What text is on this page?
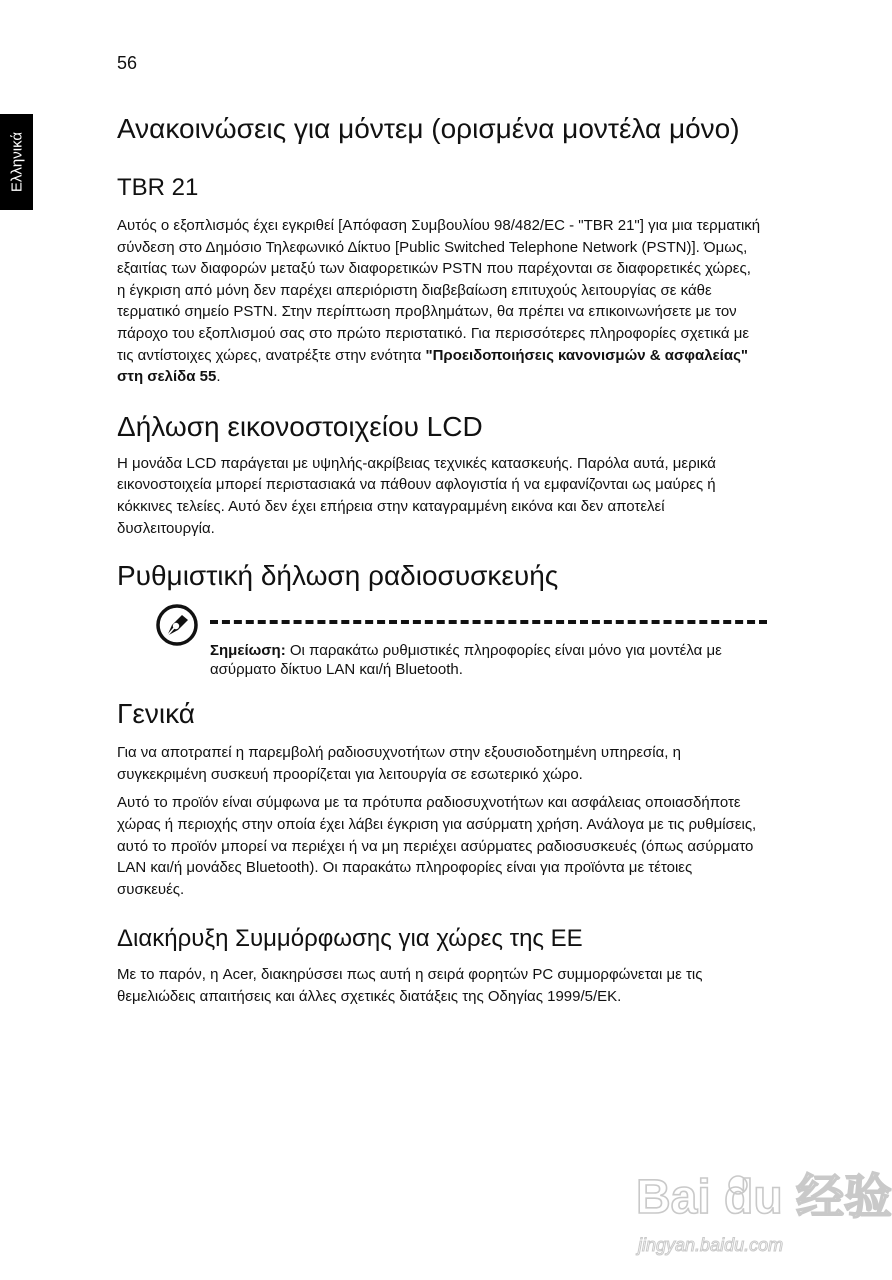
56
Ελληνικά
Ανακοινώσεις για μόντεμ (ορισμένα μοντέλα μόνο)
TBR 21

Αυτός ο εξοπλισμός έχει εγκριθεί [Απόφαση Συμβουλίου 98/482/EC - "TBR 21"] για μια τερματική σύνδεση στο Δημόσιο Τηλεφωνικό Δίκτυο [Public Switched Telephone Network (PSTN)]. Όμως, εξαιτίας των διαφορών μεταξύ των διαφορετικών PSTN που παρέχονται σε διαφορετικές χώρες, η έγκριση από μόνη δεν παρέχει απεριόριστη διαβεβαίωση επιτυχούς λειτουργίας σε κάθε τερματικό σημείο PSTN. Στην περίπτωση προβλημάτων, θα πρέπει να επικοινωνήσετε με τον πάροχο του εξοπλισμού σας στο πρώτο περιστατικό. Για περισσότερες πληροφορίες σχετικά με τις αντίστοιχες χώρες, ανατρέξτε στην ενότητα "Προειδοποιήσεις κανονισμών & ασφαλείας" στη σελίδα 55.

Δήλωση εικονοστοιχείου LCD

Η μονάδα LCD παράγεται με υψηλής-ακρίβειας τεχνικές κατασκευής. Παρόλα αυτά, μερικά εικονοστοιχεία μπορεί περιστασιακά να πάθουν αφλογιστία ή να εμφανίζονται ως μαύρες ή κόκκινες τελείες. Αυτό δεν έχει επήρεια στην καταγραμμένη εικόνα και δεν αποτελεί δυσλειτουργία.

Ρυθμιστική δήλωση ραδιοσυσκευής
Σημείωση: Οι παρακάτω ρυθμιστικές πληροφορίες είναι μόνο για μοντέλα με ασύρματο δίκτυο LAN και/ή Bluetooth.
Γενικά

Για να αποτραπεί η παρεμβολή ραδιοσυχνοτήτων στην εξουσιοδοτημένη υπηρεσία, η συγκεκριμένη συσκευή προορίζεται για λειτουργία σε εσωτερικό χώρο.

Αυτό το προϊόν είναι σύμφωνα με τα πρότυπα ραδιοσυχνοτήτων και ασφάλειας οποιασδήποτε χώρας ή περιοχής στην οποία έχει λάβει έγκριση για ασύρματη χρήση. Ανάλογα με τις ρυθμίσεις, αυτό το προϊόν μπορεί να περιέχει ή να μη περιέχει ασύρματες ραδιοσυσκευές (όπως ασύρματο LAN και/ή μονάδες Bluetooth). Οι παρακάτω πληροφορίες είναι για προϊόντα με τέτοιες συσκευές.

Διακήρυξη Συμμόρφωσης για χώρες της ΕΕ

Με το παρόν, η Acer, διακηρύσσει πως αυτή η σειρά φορητών PC συμμορφώνεται με τις θεμελιώδεις απαιτήσεις και άλλες σχετικές διατάξεις της Οδηγίας 1999/5/EK.

Bai du 经验
jingyan.baidu.com
